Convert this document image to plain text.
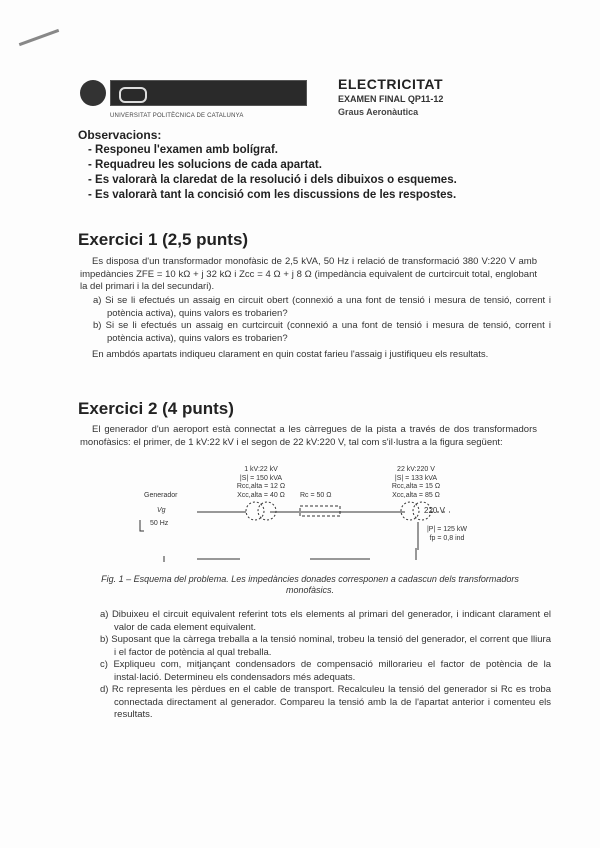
UNIVERSITAT POLITÈCNICA DE CATALUNYA
ELECTRICITAT
EXAMEN FINAL QP11-12
Graus Aeronàutica
Observacions:
- Responeu l'examen amb bolígraf.
- Requadreu les solucions de cada apartat.
- Es valorarà la claredat de la resolució i dels dibuixos o esquemes.
- Es valorarà tant la concisió com les discussions de les respostes.
Exercici 1 (2,5 punts)
Es disposa d'un transformador monofàsic de 2,5 kVA, 50 Hz i relació de transformació 380 V:220 V amb impedàncies ZFE = 10 kΩ + j 32 kΩ i Zcc = 4 Ω + j 8 Ω (impedància equivalent de curtcircuit total, englobant la del primari i la del secundari).
a) Si se li efectués un assaig en circuit obert (connexió a una font de tensió i mesura de tensió, corrent i potència activa), quins valors es trobarien?
b) Si se li efectués un assaig en curtcircuit (connexió a una font de tensió i mesura de tensió, corrent i potència activa), quins valors es trobarien?
En ambdós apartats indiqueu clarament en quin costat farieu l'assaig i justifiqueu els resultats.
Exercici 2 (4 punts)
El generador d'un aeroport està connectat a les càrregues de la pista a través de dos transformadors monofàsics: el primer, de 1 kV:22 kV i el segon de 22 kV:220 V, tal com s'il·lustra a la figura següent:
Generador
Vg
50 Hz
1 kV:22 kV
|S| = 150 kVA
Rcc,alta = 12 Ω
Xcc,alta = 40 Ω	Rc = 50 Ω
22 kV:220 V
|S| = 133 kVA
Rcc,alta = 15 Ω
Xcc,alta = 85 Ω
220 V
|P| = 125 kW
fp = 0,8 ind
Fig. 1 – Esquema del problema. Les impedàncies donades corresponen a cadascun dels transformadors monofàsics.
a) Dibuixeu el circuit equivalent referint tots els elements al primari del generador, i indicant clarament el valor de cada element equivalent.
b) Suposant que la càrrega treballa a la tensió nominal, trobeu la tensió del generador, el corrent que lliura i el factor de potència al qual treballa.
c) Expliqueu com, mitjançant condensadors de compensació millorarieu el factor de potència de la instal·lació. Determineu els condensadors més adequats.
d) Rc representa les pèrdues en el cable de transport. Recalculeu la tensió del generador si Rc es troba connectada directament al generador. Compareu la tensió amb la de l'apartat anterior i comenteu els resultats.
